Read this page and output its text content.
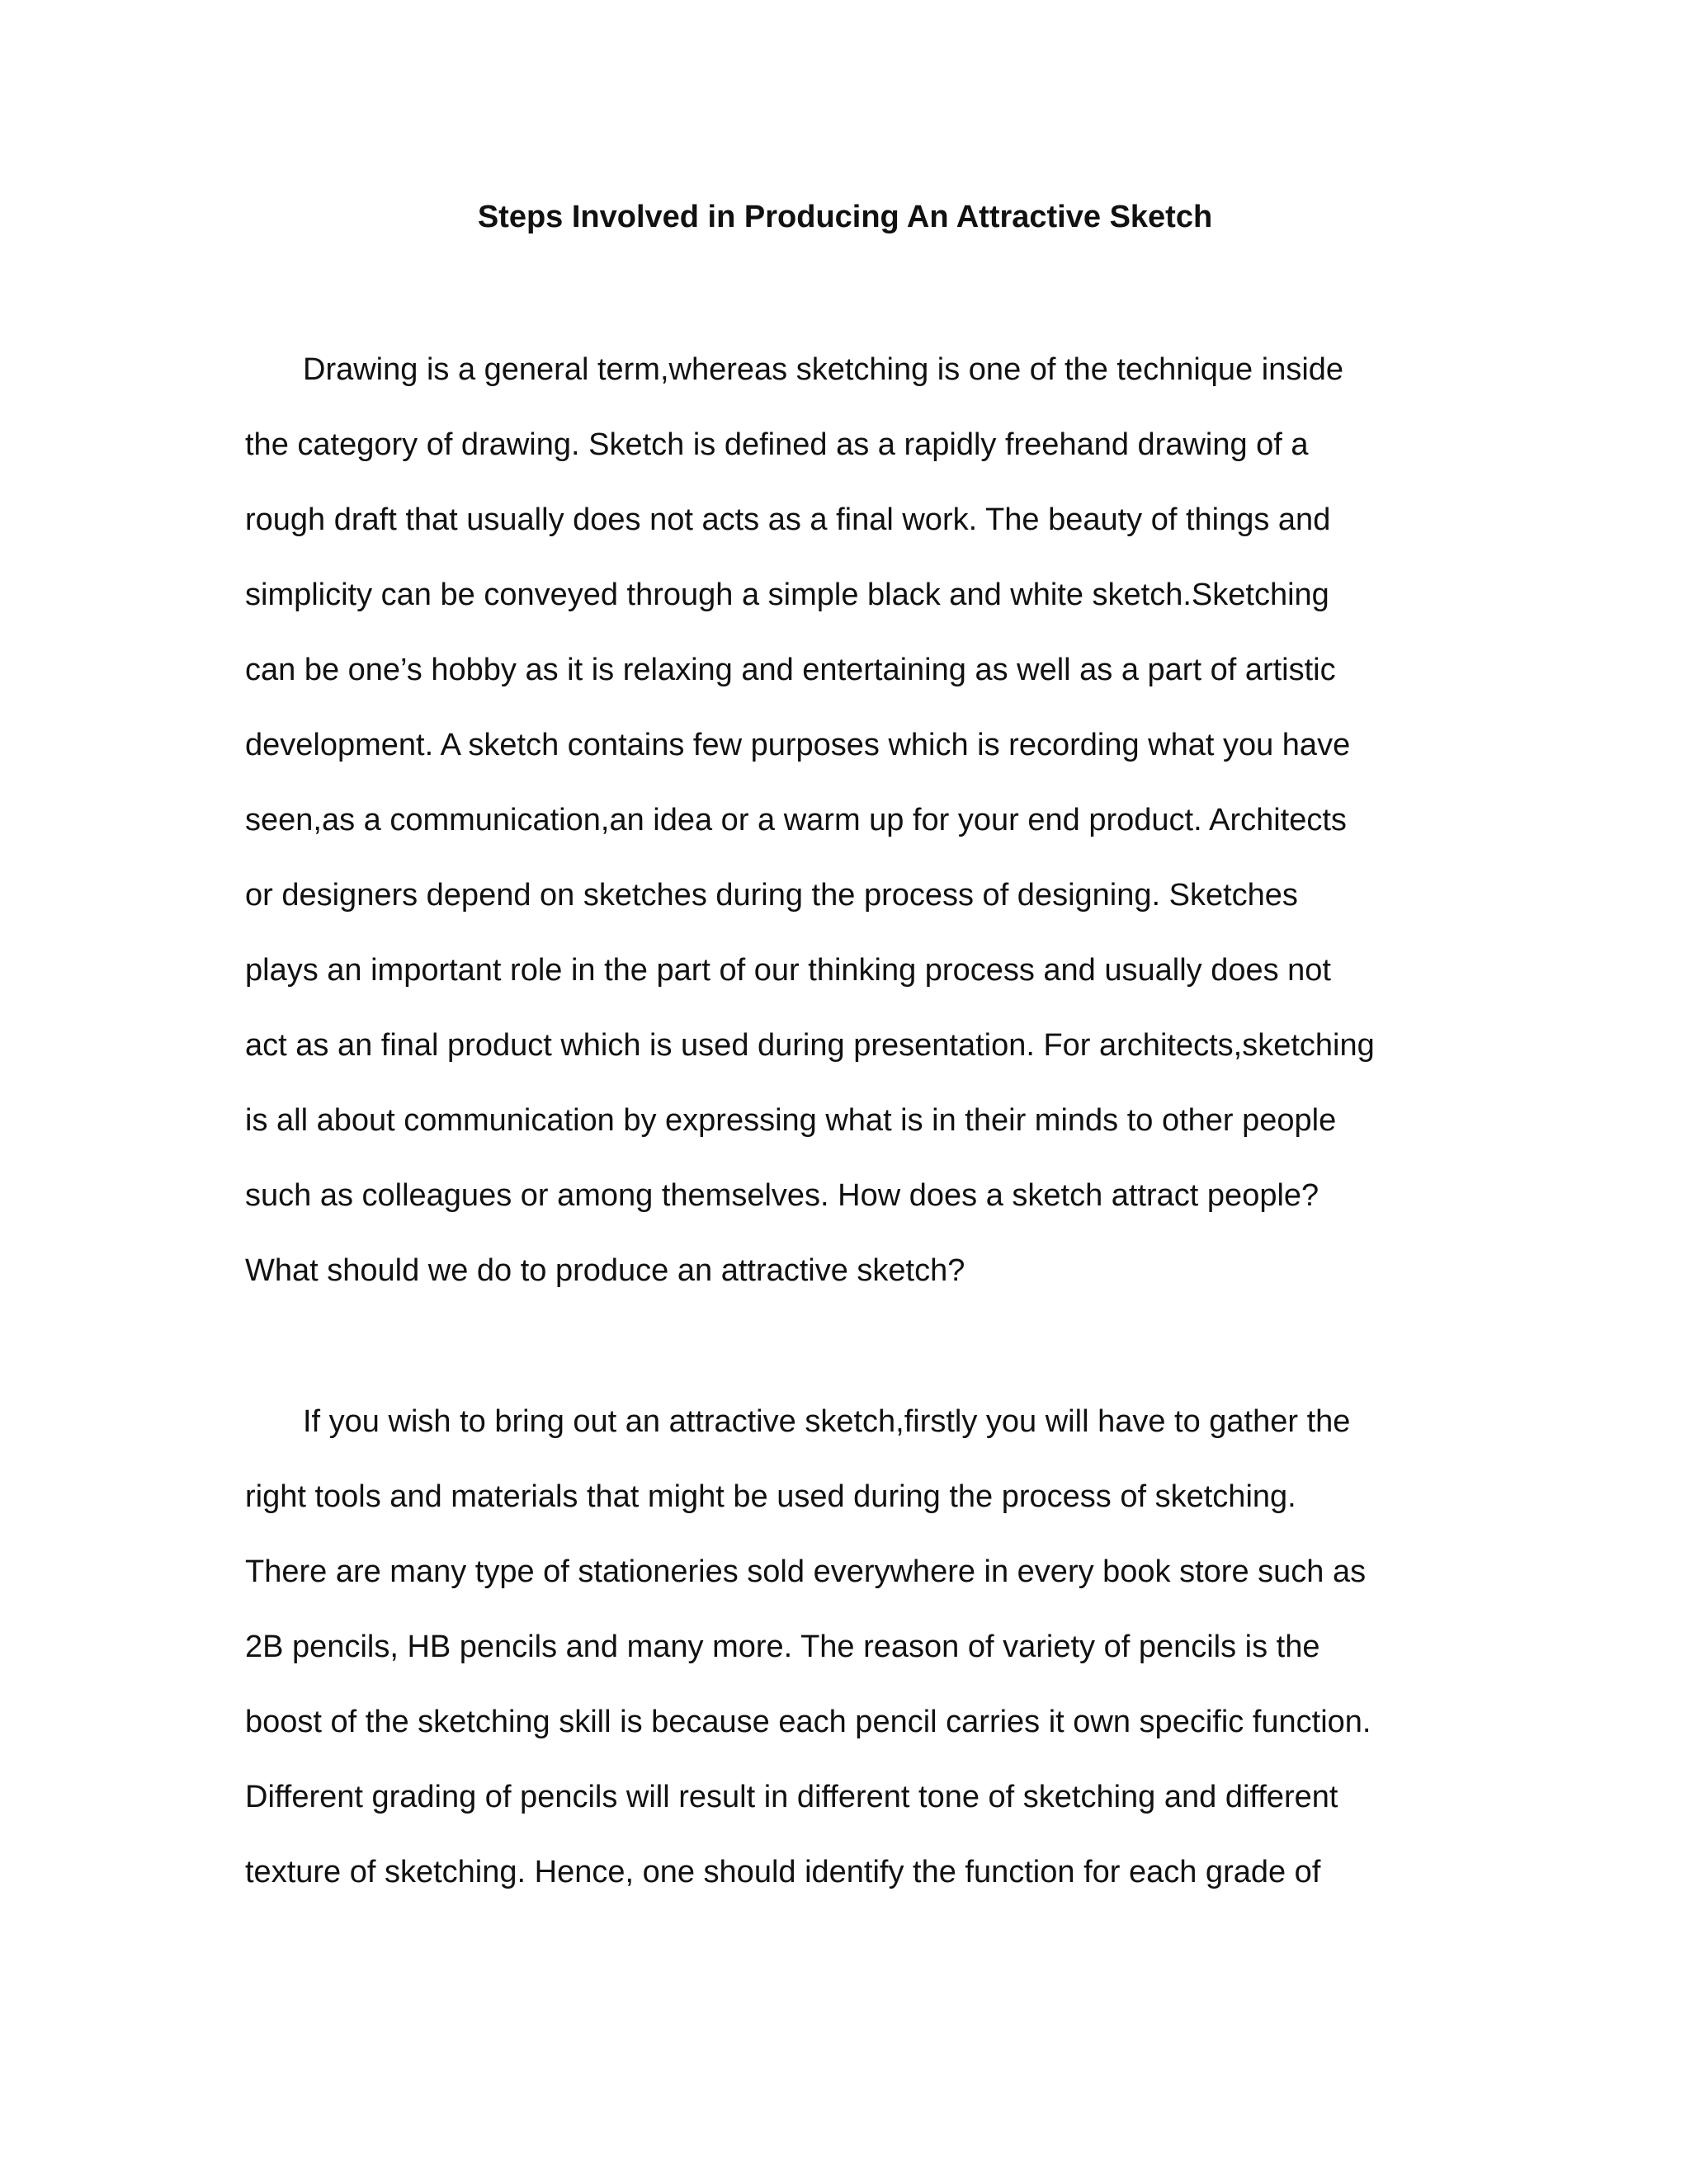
Steps Involved in Producing An Attractive Sketch
Drawing is a general term,whereas sketching is one of the technique inside
the category of drawing. Sketch is defined as a rapidly freehand drawing of a
rough draft that usually does not acts as a final work. The beauty of things and
simplicity can be conveyed through a simple black and white sketch.Sketching
can be one’s hobby as it is relaxing and entertaining as well as a part of artistic
development. A sketch contains few purposes which is recording what you have
seen,as a communication,an idea or a warm up for your end product. Architects
or designers depend on sketches during the process of designing. Sketches
plays an important role in the part of our thinking process and usually does not
act as an final product which is used during presentation. For architects,sketching
is all about communication by expressing what is in their minds to other people
such as colleagues or among themselves. How does a sketch attract people?
What should we do to produce an attractive sketch?
If you wish to bring out an attractive sketch,firstly you will have to gather the
right tools and materials that might be used during the process of sketching.
There are many type of stationeries sold everywhere in every book store such as
2B pencils, HB pencils and many more. The reason of variety of pencils is the
boost of the sketching skill is because each pencil carries it own specific function.
Different grading of pencils will result in different tone of sketching and different
texture of sketching. Hence, one should identify the function for each grade of
